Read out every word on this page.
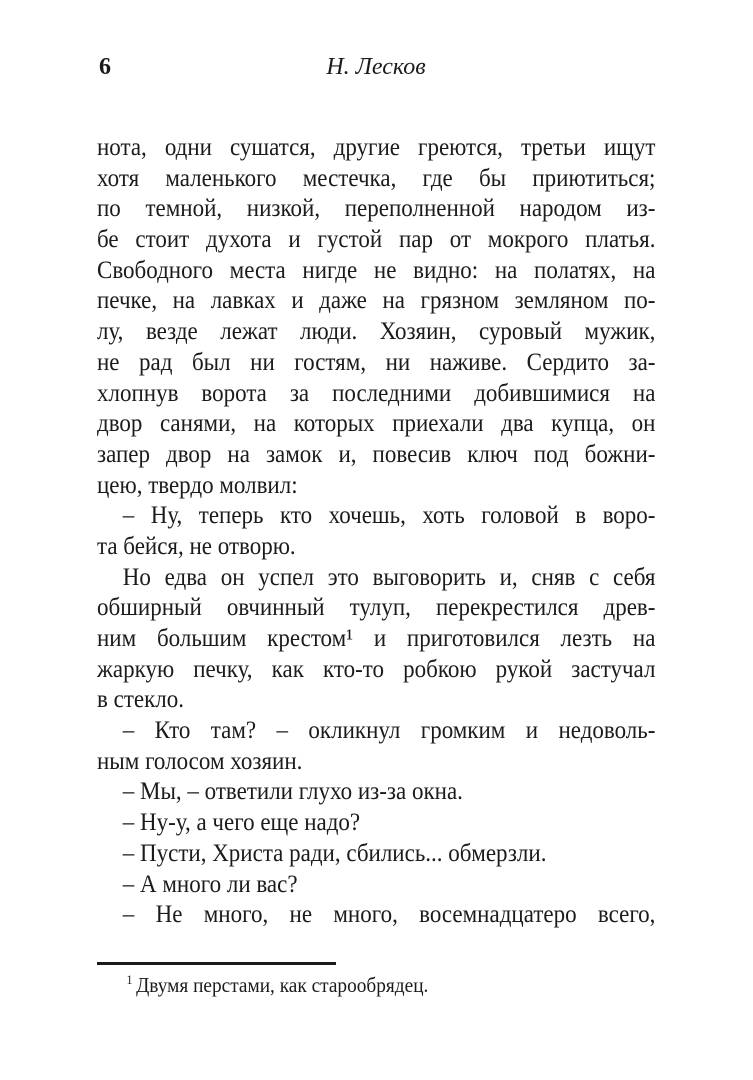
6	Н. Лесков
нота, одни сушатся, другие греются, третьи ищут
хотя маленького местечка, где бы приютиться;
по темной, низкой, переполненной народом из-
бе стоит духота и густой пар от мокрого платья.
Свободного места нигде не видно: на полатях, на
печке, на лавках и даже на грязном земляном по-
лу, везде лежат люди. Хозяин, суровый мужик,
не рад был ни гостям, ни наживе. Сердито за-
хлопнув ворота за последними добившимися на
двор санями, на которых приехали два купца, он
запер двор на замок и, повесив ключ под божни-
цею, твердо молвил:
– Ну, теперь кто хочешь, хоть головой в воро-
та бейся, не отворю.
Но едва он успел это выговорить и, сняв с себя
обширный овчинный тулуп, перекрестился древ-
ним большим крестом¹ и приготовился лезть на
жаркую печку, как кто-то робкою рукой застучал
в стекло.
– Кто там? – окликнул громким и недоволь-
ным голосом хозяин.
– Мы, – ответили глухо из-за окна.
– Ну-у, а чего еще надо?
– Пусти, Христа ради, сбились... обмерзли.
– А много ли вас?
– Не много, не много, восемнадцатеро всего,
$^1$ Двумя перстами, как старообрядец.
